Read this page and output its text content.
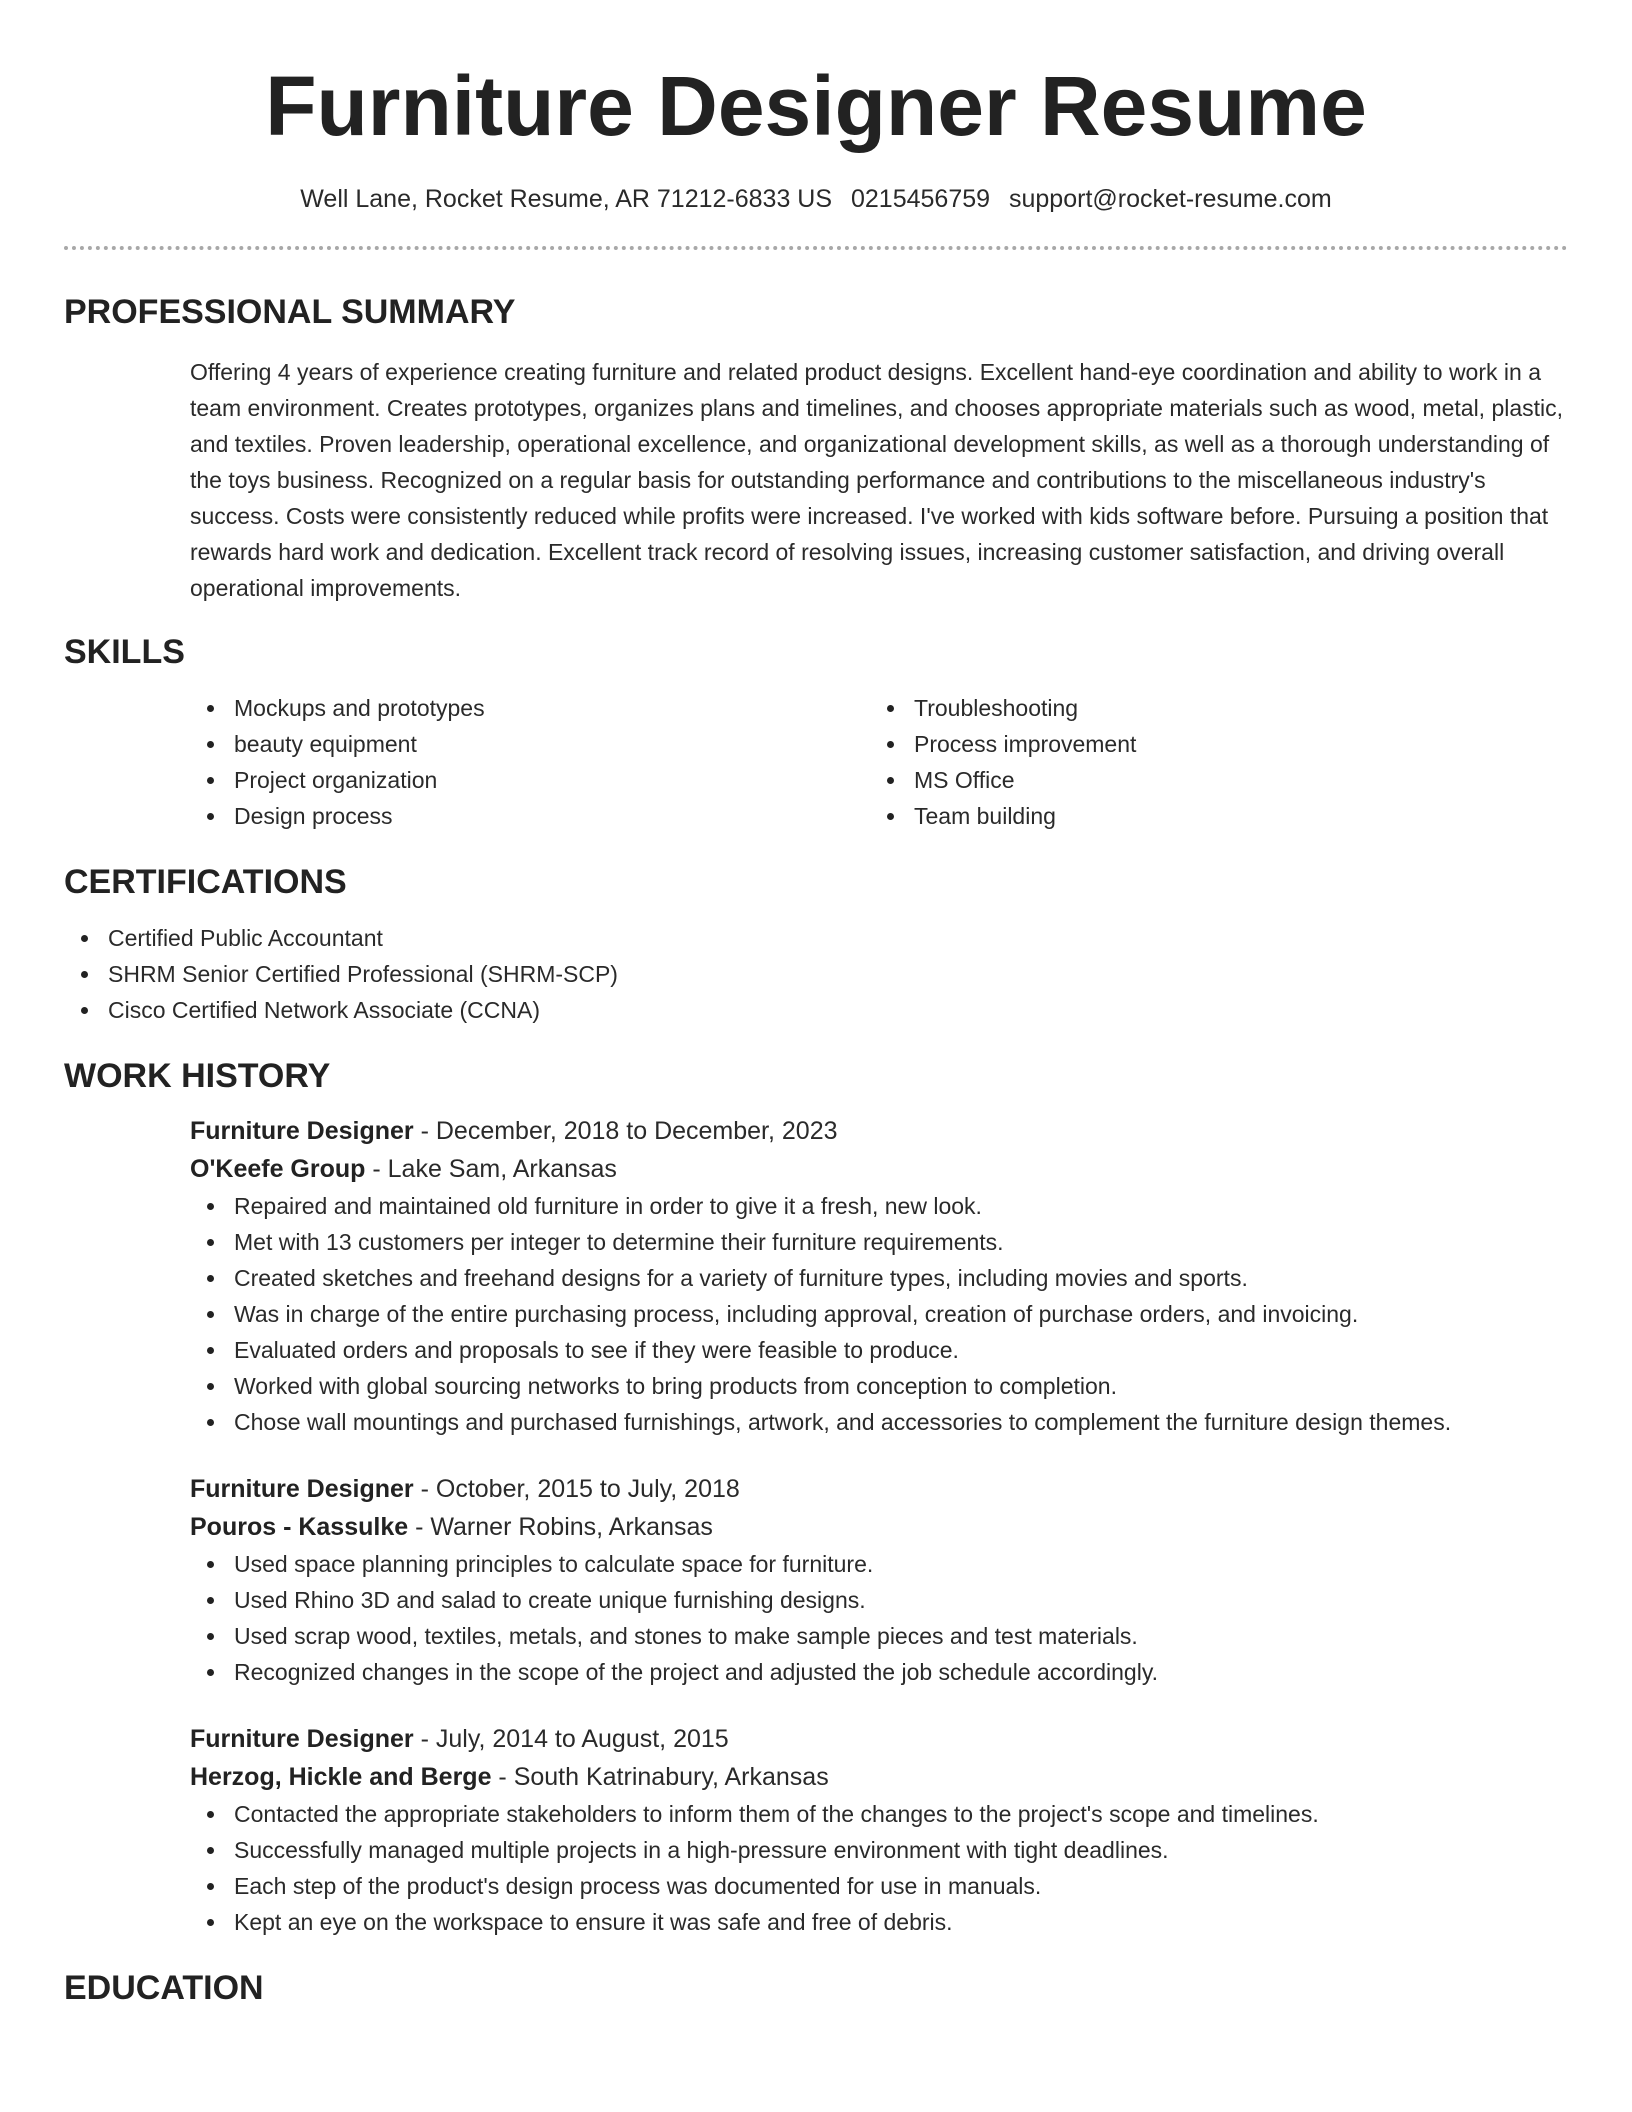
Furniture Designer Resume
Well Lane, Rocket Resume, AR 71212-6833 US 0215456759 support@rocket-resume.com
PROFESSIONAL SUMMARY

Offering 4 years of experience creating furniture and related product designs. Excellent hand-eye coordination and ability to work in a team environment. Creates prototypes, organizes plans and timelines, and chooses appropriate materials such as wood, metal, plastic, and textiles. Proven leadership, operational excellence, and organizational development skills, as well as a thorough understanding of the toys business. Recognized on a regular basis for outstanding performance and contributions to the miscellaneous industry's success. Costs were consistently reduced while profits were increased. I've worked with kids software before. Pursuing a position that rewards hard work and dedication. Excellent track record of resolving issues, increasing customer satisfaction, and driving overall operational improvements.

SKILLS
Mockups and prototypes
beauty equipment
Project organization
Design process
Troubleshooting
Process improvement
MS Office
Team building
CERTIFICATIONS
Certified Public Accountant
SHRM Senior Certified Professional (SHRM-SCP)
Cisco Certified Network Associate (CCNA)
WORK HISTORY
Furniture Designer - December, 2018 to December, 2023
O'Keefe Group - Lake Sam, Arkansas
Repaired and maintained old furniture in order to give it a fresh, new look.
Met with 13 customers per integer to determine their furniture requirements.
Created sketches and freehand designs for a variety of furniture types, including movies and sports.
Was in charge of the entire purchasing process, including approval, creation of purchase orders, and invoicing.
Evaluated orders and proposals to see if they were feasible to produce.
Worked with global sourcing networks to bring products from conception to completion.
Chose wall mountings and purchased furnishings, artwork, and accessories to complement the furniture design themes.
Furniture Designer - October, 2015 to July, 2018
Pouros - Kassulke - Warner Robins, Arkansas
Used space planning principles to calculate space for furniture.
Used Rhino 3D and salad to create unique furnishing designs.
Used scrap wood, textiles, metals, and stones to make sample pieces and test materials.
Recognized changes in the scope of the project and adjusted the job schedule accordingly.
Furniture Designer - July, 2014 to August, 2015
Herzog, Hickle and Berge - South Katrinabury, Arkansas
Contacted the appropriate stakeholders to inform them of the changes to the project's scope and timelines.
Successfully managed multiple projects in a high-pressure environment with tight deadlines.
Each step of the product's design process was documented for use in manuals.
Kept an eye on the workspace to ensure it was safe and free of debris.
EDUCATION
